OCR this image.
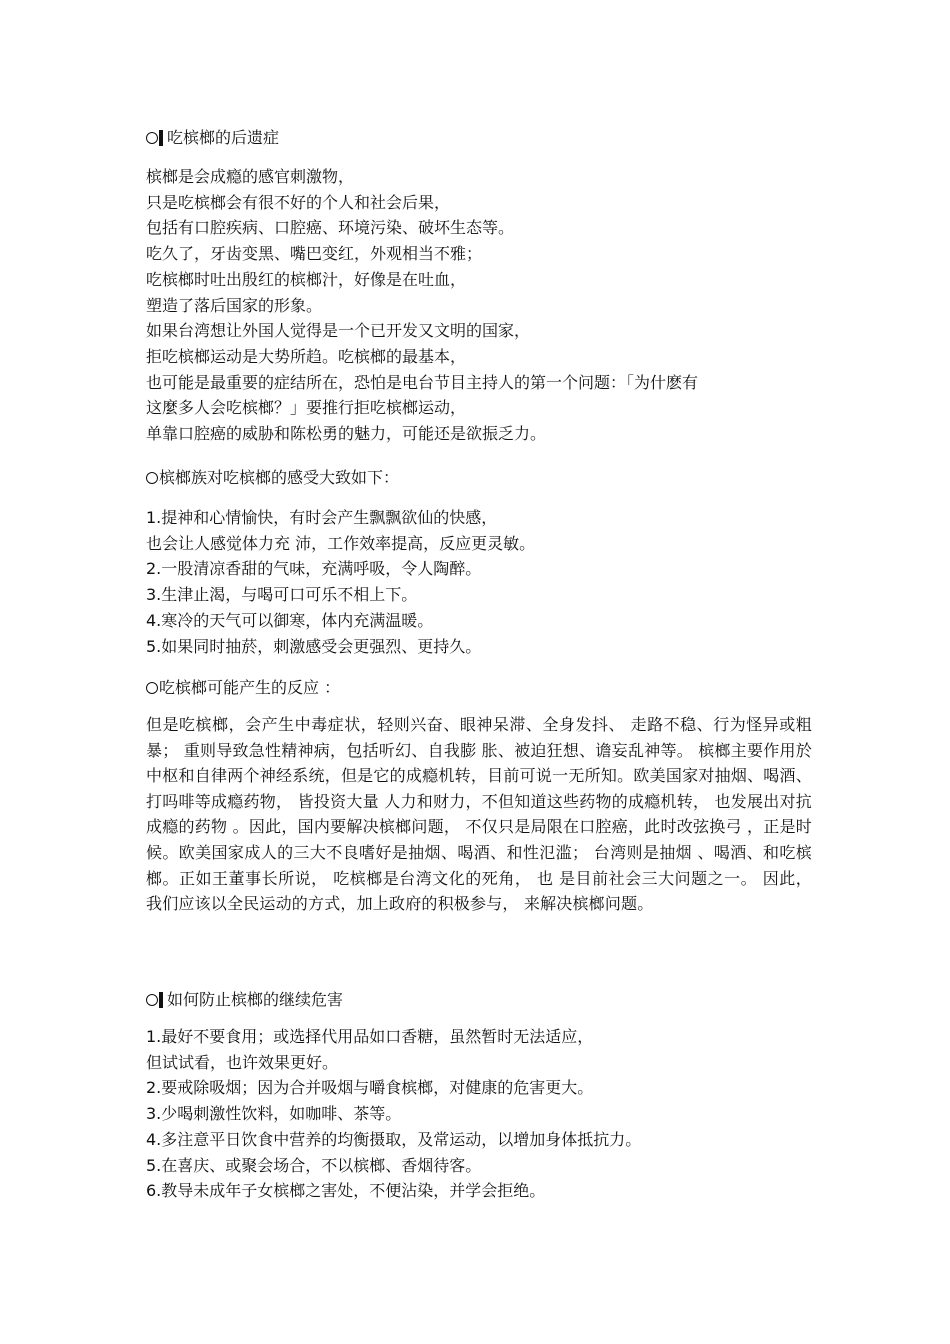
吃槟榔的后遗症
槟榔是会成瘾的感官刺激物，
只是吃槟榔会有很不好的个人和社会后果，
包括有口腔疾病、口腔癌、环境污染、破坏生态等。
吃久了，牙齿变黑、嘴巴变红，外观相当不雅；
吃槟榔时吐出殷红的槟榔汁，好像是在吐血，
塑造了落后国家的形象。
如果台湾想让外国人觉得是一个已开发又文明的国家，
拒吃槟榔运动是大势所趋。吃槟榔的最基本，
也可能是最重要的症结所在，恐怕是电台节目主持人的第一个问题：「为什麽有
这麼多人会吃槟榔？」要推行拒吃槟榔运动，
单靠口腔癌的威胁和陈松勇的魅力，可能还是欲振乏力。
槟榔族对吃槟榔的感受大致如下：
1.提神和心情愉快，有时会产生飘飘欲仙的快感，
也会让人感觉体力充 沛，工作效率提高，反应更灵敏。
2.一股清凉香甜的气味，充满呼吸，令人陶醉。
3.生津止渴，与喝可口可乐不相上下。
4.寒冷的天气可以御寒，体内充满温暖。
5.如果同时抽菸，刺激感受会更强烈、更持久。
吃槟榔可能产生的反应 ：
但是吃槟榔，会产生中毒症状，轻则兴奋、眼神呆滞、全身发抖、 走路不稳、行为怪异或粗暴； 重则导致急性精神病，包括听幻、自我膨 胀、被迫狂想、谵妄乱神等。 槟榔主要作用於中枢和自律两个神经系统，但是它的成瘾机转，目前可说一无所知。欧美国家对抽烟、喝酒、打吗啡等成瘾药物， 皆投资大量 人力和财力，不但知道这些药物的成瘾机转， 也发展出对抗成瘾的药物 。因此，国内要解决槟榔问题， 不仅只是局限在口腔癌，此时改弦换弓 ，正是时候。欧美国家成人的三大不良嗜好是抽烟、喝酒、和性氾滥； 台湾则是抽烟 、喝酒、和吃槟榔。正如王董事长所说， 吃槟榔是台湾文化的死角， 也 是目前社会三大问题之一。 因此，我们应该以全民运动的方式，加上政府的积极参与， 来解决槟榔问题。
如何防止槟榔的继续危害
1.最好不要食用；或选择代用品如口香糖，虽然暂时无法适应，
但试试看，也许效果更好。
2.要戒除吸烟；因为合并吸烟与嚼食槟榔，对健康的危害更大。
3.少喝刺激性饮料，如咖啡、茶等。
4.多注意平日饮食中营养的均衡摄取，及常运动，以增加身体抵抗力。
5.在喜庆、或聚会场合，不以槟榔、香烟待客。
6.教导未成年子女槟榔之害处，不便沾染，并学会拒绝。
